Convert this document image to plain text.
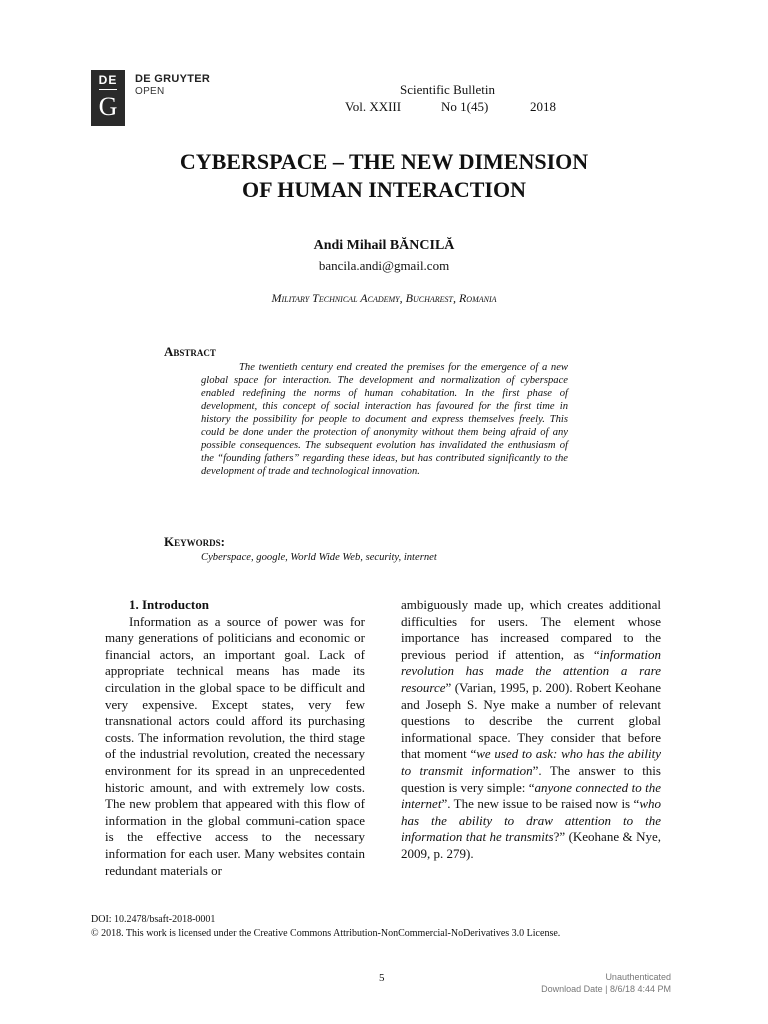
DE
G
DE GRUYTER
OPEN	Scientific Bulletin
Vol. XXIII	No 1(45)	2018
CYBERSPACE – THE NEW DIMENSION
OF HUMAN INTERACTION
Andi Mihail BĂNCILĂ
bancila.andi@gmail.com
Military Technical Academy, Bucharest, Romania
Abstract
The twentieth century end created the premises for the emergence of a new global space for interaction. The development and normalization of cyberspace enabled redefining the norms of human cohabitation. In the first phase of development, this concept of social interaction has favoured for the first time in history the possibility for people to document and express themselves freely. This could be done under the protection of anonymity without them being afraid of any possible consequences. The subsequent evolution has invalidated the enthusiasm of the “founding fathers” regarding these ideas, but has contributed significantly to the development of trade and technological innovation.
Keywords:
Cyberspace, google, World Wide Web, security, internet
1. Introducton

Information as a source of power was for many generations of politicians and economic or financial actors, an important goal. Lack of appropriate technical means has made its circulation in the global space to be difficult and very expensive. Except states, very few transnational actors could afford its purchasing costs. The information revolution, the third stage of the industrial revolution, created the necessary environment for its spread in an unprecedented historic amount, and with extremely low costs. The new problem that appeared with this flow of information in the global communi-cation space is the effective access to the necessary information for each user. Many websites contain redundant materials or

ambiguously made up, which creates additional difficulties for users. The element whose importance has increased compared to the previous period if attention, as “information revolution has made the attention a rare resource” (Varian, 1995, p. 200). Robert Keohane and Joseph S. Nye make a number of relevant questions to describe the current global informational space. They consider that before that moment “we used to ask: who has the ability to transmit information”. The answer to this question is very simple: “anyone connected to the internet”. The new issue to be raised now is “who has the ability to draw attention to the information that he transmits?” (Keohane & Nye, 2009, p. 279).

DOI: 10.2478/bsaft-2018-0001
© 2018. This work is licensed under the Creative Commons Attribution-NonCommercial-NoDerivatives 3.0 License.
5	Unauthenticated
Download Date | 8/6/18 4:44 PM
